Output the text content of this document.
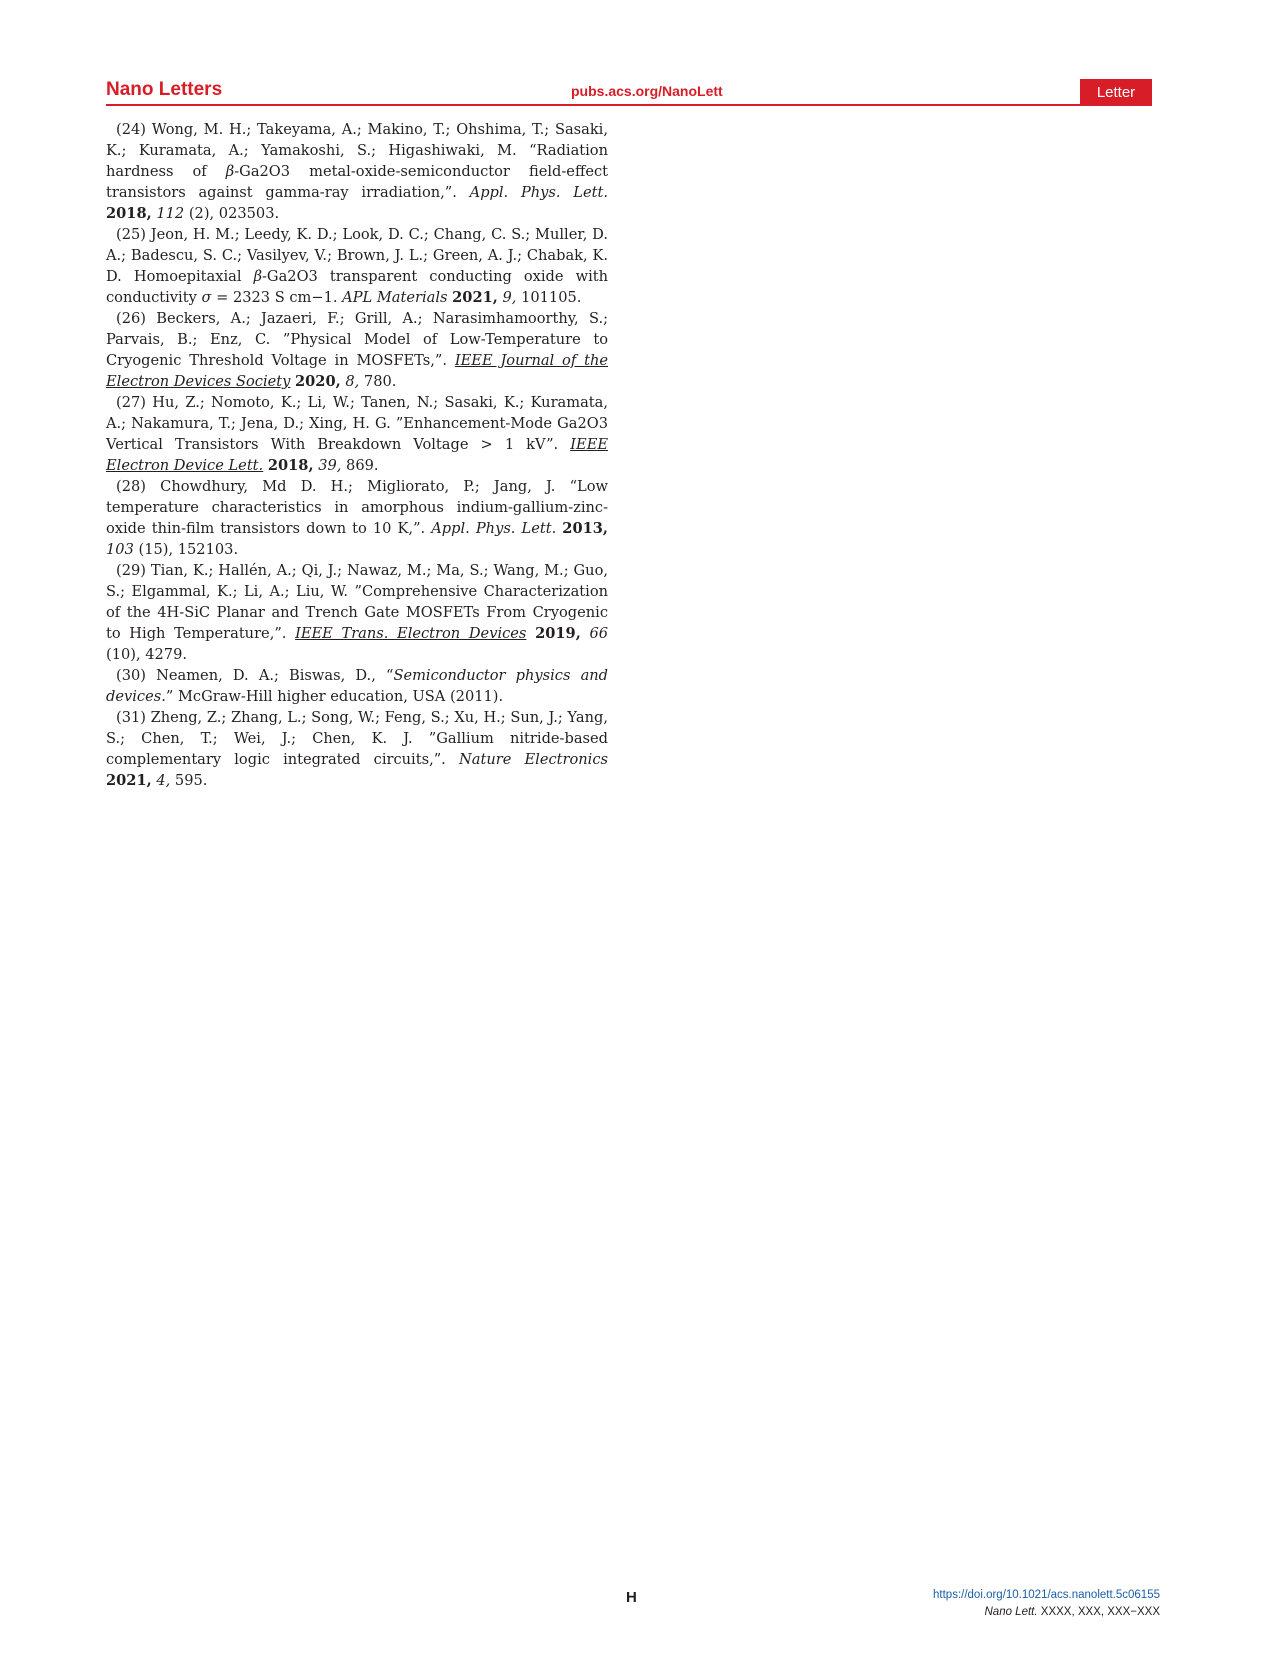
Nano Letters	pubs.acs.org/NanoLett	Letter

(24) Wong, M. H.; Takeyama, A.; Makino, T.; Ohshima, T.; Sasaki, K.; Kuramata, A.; Yamakoshi, S.; Higashiwaki, M. “Radiation hardness of β-Ga2O3 metal-oxide-semiconductor field-effect transistors against gamma-ray irradiation,”. Appl. Phys. Lett. 2018, 112 (2), 023503.

(25) Jeon, H. M.; Leedy, K. D.; Look, D. C.; Chang, C. S.; Muller, D. A.; Badescu, S. C.; Vasilyev, V.; Brown, J. L.; Green, A. J.; Chabak, K. D. Homoepitaxial β-Ga2O3 transparent conducting oxide with conductivity σ = 2323 S cm−1. APL Materials 2021, 9, 101105.

(26) Beckers, A.; Jazaeri, F.; Grill, A.; Narasimhamoorthy, S.; Parvais, B.; Enz, C. ”Physical Model of Low-Temperature to Cryogenic Threshold Voltage in MOSFETs,”. IEEE Journal of the Electron Devices Society 2020, 8, 780.

(27) Hu, Z.; Nomoto, K.; Li, W.; Tanen, N.; Sasaki, K.; Kuramata, A.; Nakamura, T.; Jena, D.; Xing, H. G. ”Enhancement-Mode Ga2O3 Vertical Transistors With Breakdown Voltage > 1 kV”. IEEE Electron Device Lett. 2018, 39, 869.

(28) Chowdhury, Md D. H.; Migliorato, P.; Jang, J. “Low temperature characteristics in amorphous indium-gallium-zinc-oxide thin-film transistors down to 10 K,”. Appl. Phys. Lett. 2013, 103 (15), 152103.

(29) Tian, K.; Hallén, A.; Qi, J.; Nawaz, M.; Ma, S.; Wang, M.; Guo, S.; Elgammal, K.; Li, A.; Liu, W. ”Comprehensive Characterization of the 4H-SiC Planar and Trench Gate MOSFETs From Cryogenic to High Temperature,”. IEEE Trans. Electron Devices 2019, 66 (10), 4279.

(30) Neamen, D. A.; Biswas, D., “Semiconductor physics and devices.” McGraw-Hill higher education, USA (2011).

(31) Zheng, Z.; Zhang, L.; Song, W.; Feng, S.; Xu, H.; Sun, J.; Yang, S.; Chen, T.; Wei, J.; Chen, K. J. ”Gallium nitride-based complementary logic integrated circuits,”. Nature Electronics 2021, 4, 595.

H	https://doi.org/10.1021/acs.nanolett.5c06155
Nano Lett. XXXX, XXX, XXX−XXX
